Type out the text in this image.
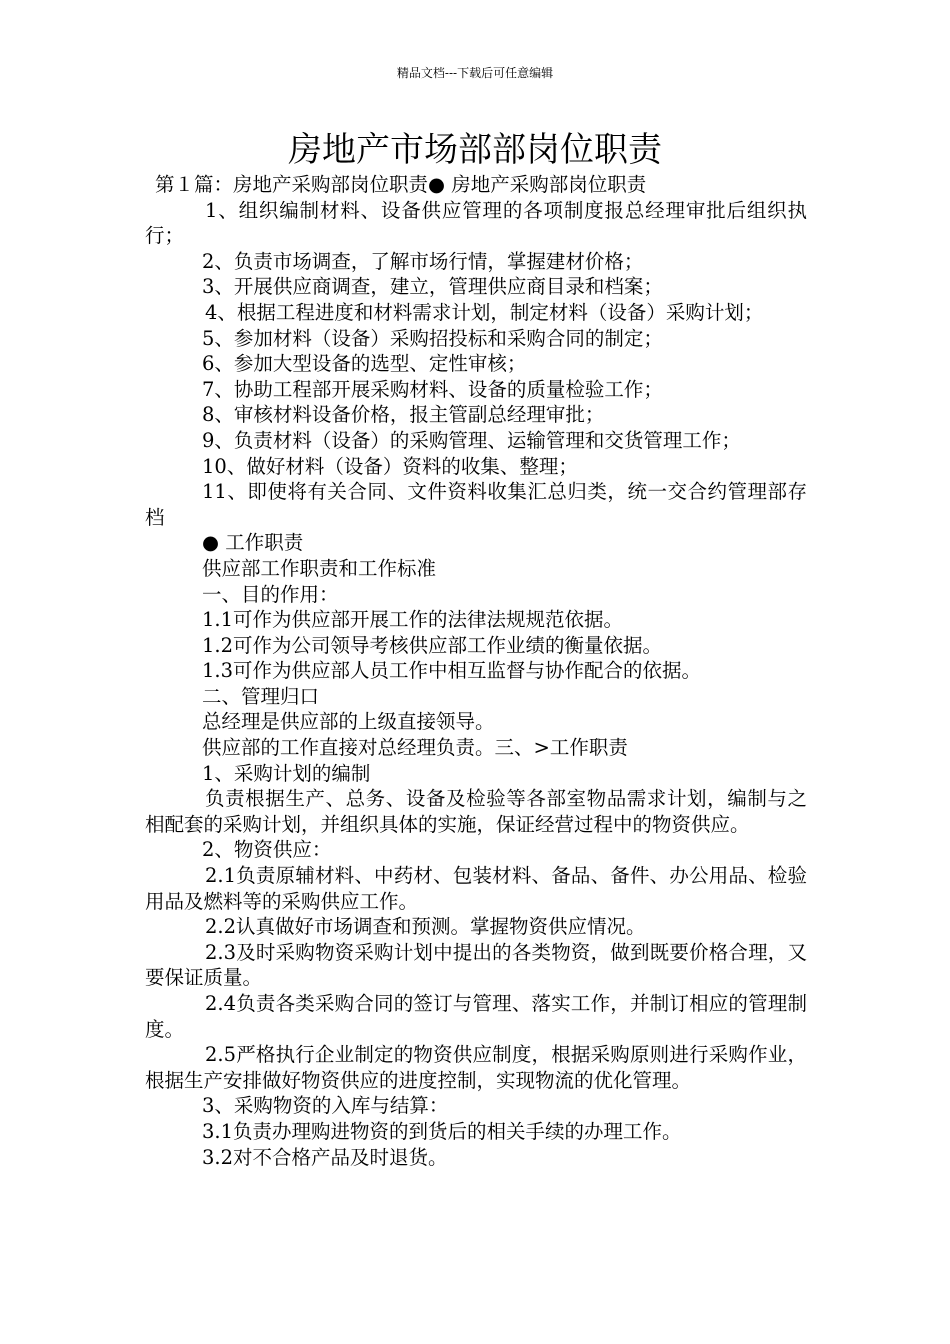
精品文档---下载后可任意编辑
房地产市场部部岗位职责

第１篇：房地产采购部岗位职责● 房地产采购部岗位职责

1、组织编制材料、设备供应管理的各项制度报总经理审批后组织执行；

2、负责市场调查，了解市场行情，掌握建材价格；

3、开展供应商调查，建立，管理供应商目录和档案；

4、根据工程进度和材料需求计划，制定材料（设备）采购计划；

5、参加材料（设备）采购招投标和采购合同的制定；

6、参加大型设备的选型、定性审核；

7、协助工程部开展采购材料、设备的质量检验工作；

8、审核材料设备价格，报主管副总经理审批；

9、负责材料（设备）的采购管理、运输管理和交货管理工作；

10、做好材料（设备）资料的收集、整理；

11、即使将有关合同、文件资料收集汇总归类，统一交合约管理部存档

● 工作职责

供应部工作职责和工作标准

一、目的作用：

1.1可作为供应部开展工作的法律法规规范依据。

1.2可作为公司领导考核供应部工作业绩的衡量依据。

1.3可作为供应部人员工作中相互监督与协作配合的依据。

二、管理归口

总经理是供应部的上级直接领导。

供应部的工作直接对总经理负责。三、>工作职责

1、采购计划的编制

负责根据生产、总务、设备及检验等各部室物品需求计划，编制与之相配套的采购计划，并组织具体的实施，保证经营过程中的物资供应。

2、物资供应：

2.1负责原辅材料、中药材、包装材料、备品、备件、办公用品、检验用品及燃料等的采购供应工作。

2.2认真做好市场调查和预测。掌握物资供应情况。

2.3及时采购物资采购计划中提出的各类物资，做到既要价格合理，又要保证质量。

2.4负责各类采购合同的签订与管理、落实工作，并制订相应的管理制度。

2.5严格执行企业制定的物资供应制度，根据采购原则进行采购作业，根据生产安排做好物资供应的进度控制，实现物流的优化管理。

3、采购物资的入库与结算：

3.1负责办理购进物资的到货后的相关手续的办理工作。

3.2对不合格产品及时退货。
